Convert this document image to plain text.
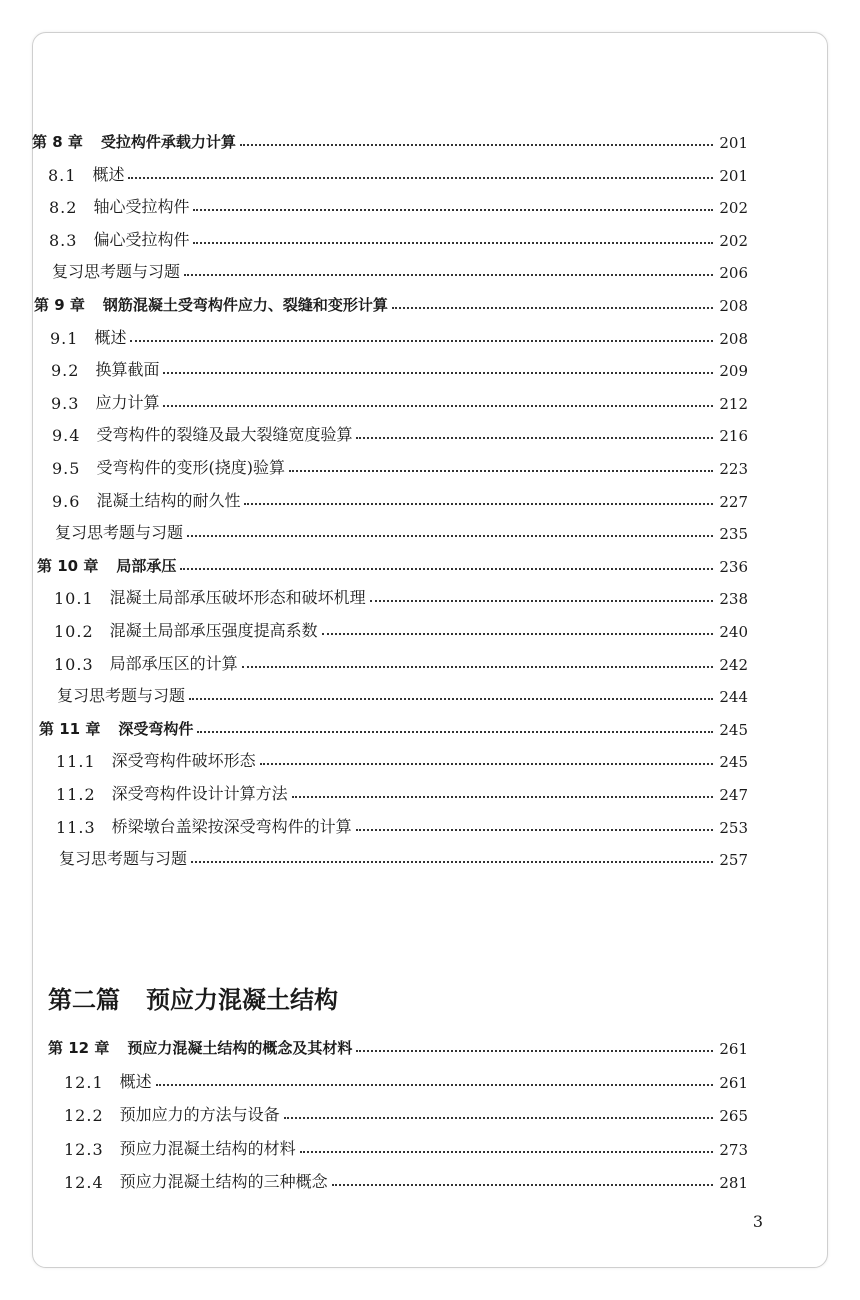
第 8 章	受拉构件承载力计算	201
8.1	概述	201
8.2	轴心受拉构件	202
8.3	偏心受拉构件	202
复习思考题与习题	206
第 9 章	钢筋混凝土受弯构件应力、裂缝和变形计算	208
9.1	概述	208
9.2	换算截面	209
9.3	应力计算	212
9.4	受弯构件的裂缝及最大裂缝宽度验算	216
9.5	受弯构件的变形(挠度)验算	223
9.6	混凝土结构的耐久性	227
复习思考题与习题	235
第 10 章	局部承压	236
10.1	混凝土局部承压破坏形态和破坏机理	238
10.2	混凝土局部承压强度提高系数	240
10.3	局部承压区的计算	242
复习思考题与习题	244
第 11 章	深受弯构件	245
11.1	深受弯构件破坏形态	245
11.2	深受弯构件设计计算方法	247
11.3	桥梁墩台盖梁按深受弯构件的计算	253
复习思考题与习题	257
第 12 章	预应力混凝土结构的概念及其材料	261
12.1	概述	261
12.2	预加应力的方法与设备	265
12.3	预应力混凝土结构的材料	273
12.4	预应力混凝土结构的三种概念	281
第二篇 预应力混凝土结构
3
